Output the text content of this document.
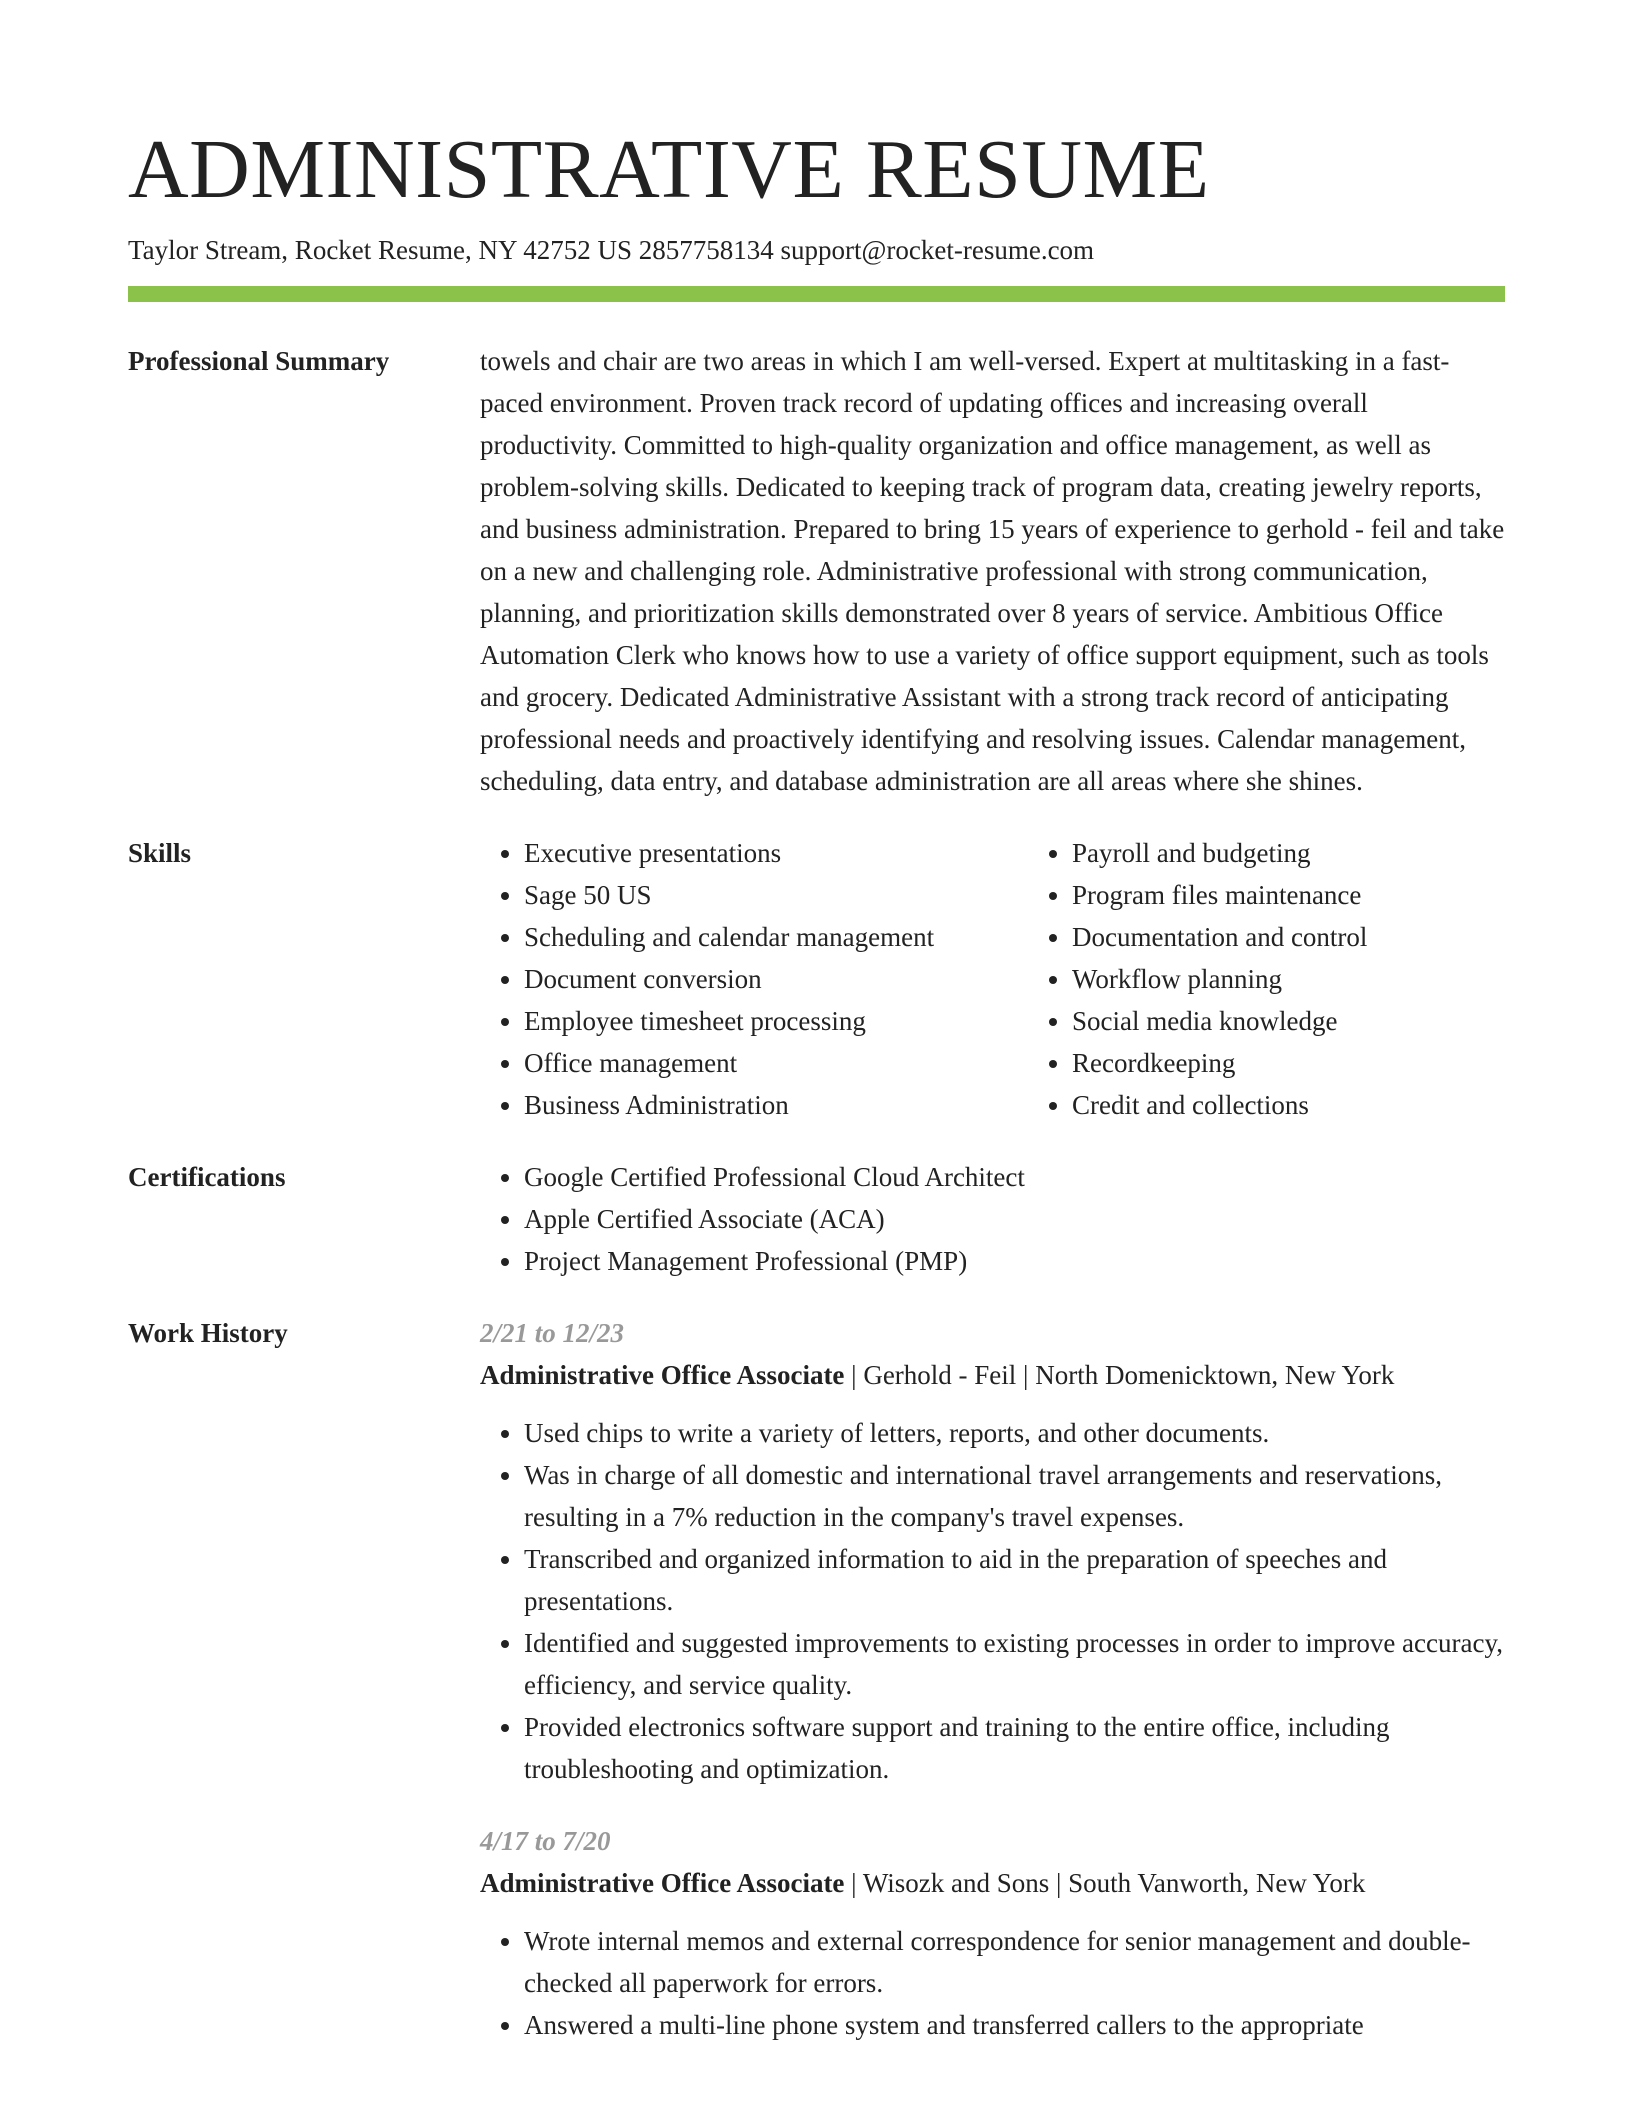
ADMINISTRATIVE RESUME
Taylor Stream, Rocket Resume, NY 42752 US 2857758134 support@rocket-resume.com
Professional Summary	towels and chair are two areas in which I am well-versed. Expert at multitasking in a fast-paced environment. Proven track record of updating offices and increasing overall productivity. Committed to high-quality organization and office management, as well as problem-solving skills. Dedicated to keeping track of program data, creating jewelry reports, and business administration. Prepared to bring 15 years of experience to gerhold - feil and take on a new and challenging role. Administrative professional with strong communication, planning, and prioritization skills demonstrated over 8 years of service. Ambitious Office Automation Clerk who knows how to use a variety of office support equipment, such as tools and grocery. Dedicated Administrative Assistant with a strong track record of anticipating professional needs and proactively identifying and resolving issues. Calendar management, scheduling, data entry, and database administration are all areas where she shines.
Skills	• Executive presentations
• Sage 50 US
• Scheduling and calendar management
• Document conversion
• Employee timesheet processing
• Office management
• Business Administration
• Payroll and budgeting
• Program files maintenance
• Documentation and control
• Workflow planning
• Social media knowledge
• Recordkeeping
• Credit and collections
Certifications	• Google Certified Professional Cloud Architect
• Apple Certified Associate (ACA)
• Project Management Professional (PMP)
Work History	2/21 to 12/23
Administrative Office Associate | Gerhold - Feil | North Domenicktown, New York
• Used chips to write a variety of letters, reports, and other documents.
• Was in charge of all domestic and international travel arrangements and reservations, resulting in a 7% reduction in the company's travel expenses.
• Transcribed and organized information to aid in the preparation of speeches and presentations.
• Identified and suggested improvements to existing processes in order to improve accuracy, efficiency, and service quality.
• Provided electronics software support and training to the entire office, including troubleshooting and optimization.
4/17 to 7/20
Administrative Office Associate | Wisozk and Sons | South Vanworth, New York
• Wrote internal memos and external correspondence for senior management and double-checked all paperwork for errors.
• Answered a multi-line phone system and transferred callers to the appropriate
